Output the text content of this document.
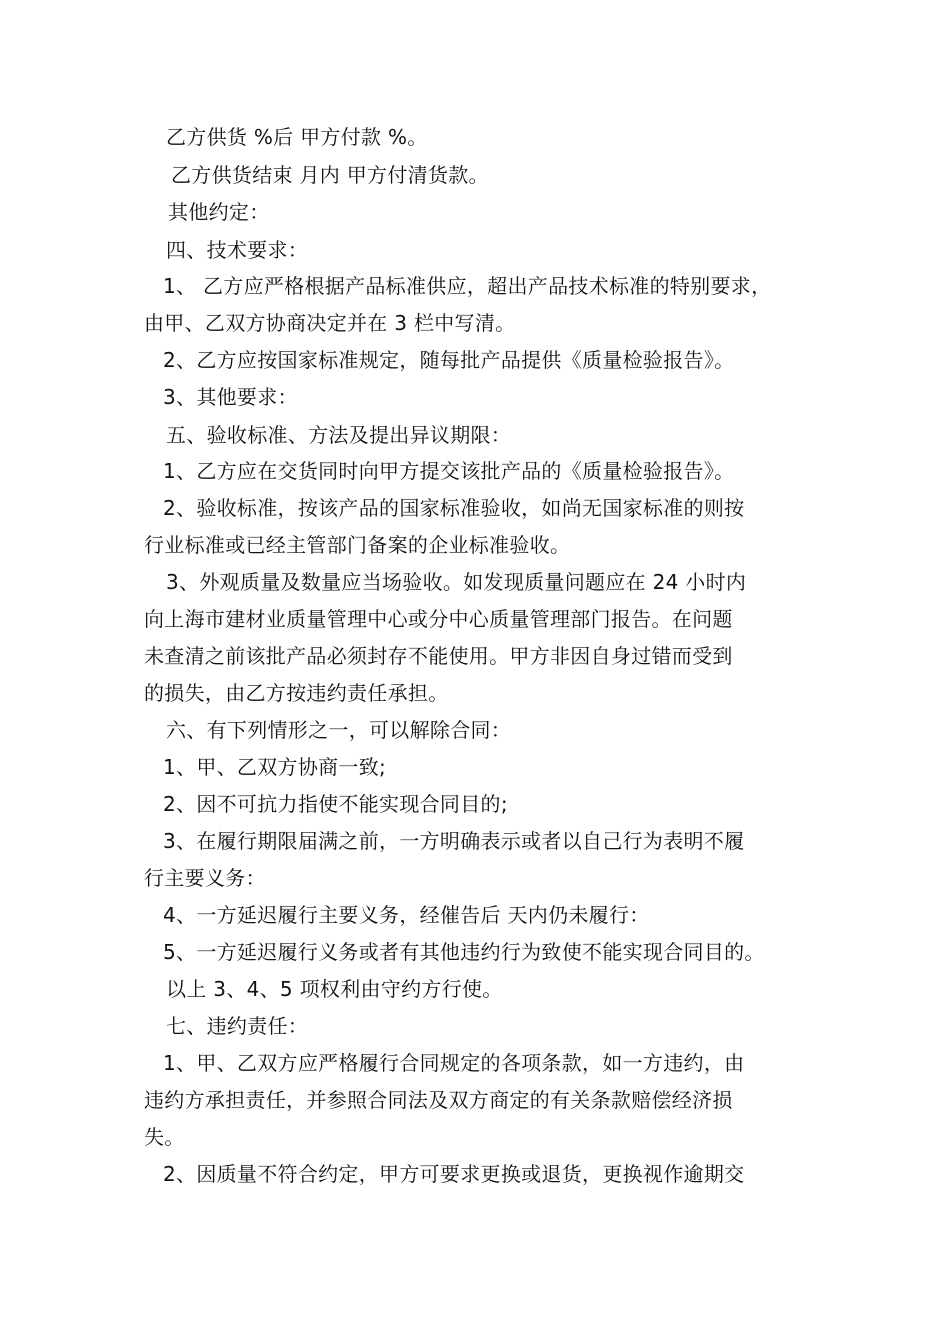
乙方供货 %后 甲方付款 %。
乙方供货结束 月内 甲方付清货款。
其他约定：
四、技术要求：
1、 乙方应严格根据产品标准供应，超出产品技术标准的特别要求，
由甲、乙双方协商决定并在 3 栏中写清。
2、乙方应按国家标准规定，随每批产品提供《质量检验报告》。
3、其他要求：
五、验收标准、方法及提出异议期限：
1、乙方应在交货同时向甲方提交该批产品的《质量检验报告》。
2、验收标准，按该产品的国家标准验收，如尚无国家标准的则按
行业标准或已经主管部门备案的企业标准验收。
3、外观质量及数量应当场验收。如发现质量问题应在 24 小时内
向上海市建材业质量管理中心或分中心质量管理部门报告。在问题
未查清之前该批产品必须封存不能使用。甲方非因自身过错而受到
的损失，由乙方按违约责任承担。
六、有下列情形之一，可以解除合同：
1、甲、乙双方协商一致;
2、因不可抗力指使不能实现合同目的;
3、在履行期限届满之前，一方明确表示或者以自己行为表明不履
行主要义务：
4、一方延迟履行主要义务，经催告后 天内仍未履行：
5、一方延迟履行义务或者有其他违约行为致使不能实现合同目的。
以上 3、4、5 项权利由守约方行使。
七、违约责任：
1、甲、乙双方应严格履行合同规定的各项条款，如一方违约，由
违约方承担责任，并参照合同法及双方商定的有关条款赔偿经济损
失。
2、因质量不符合约定，甲方可要求更换或退货，更换视作逾期交
